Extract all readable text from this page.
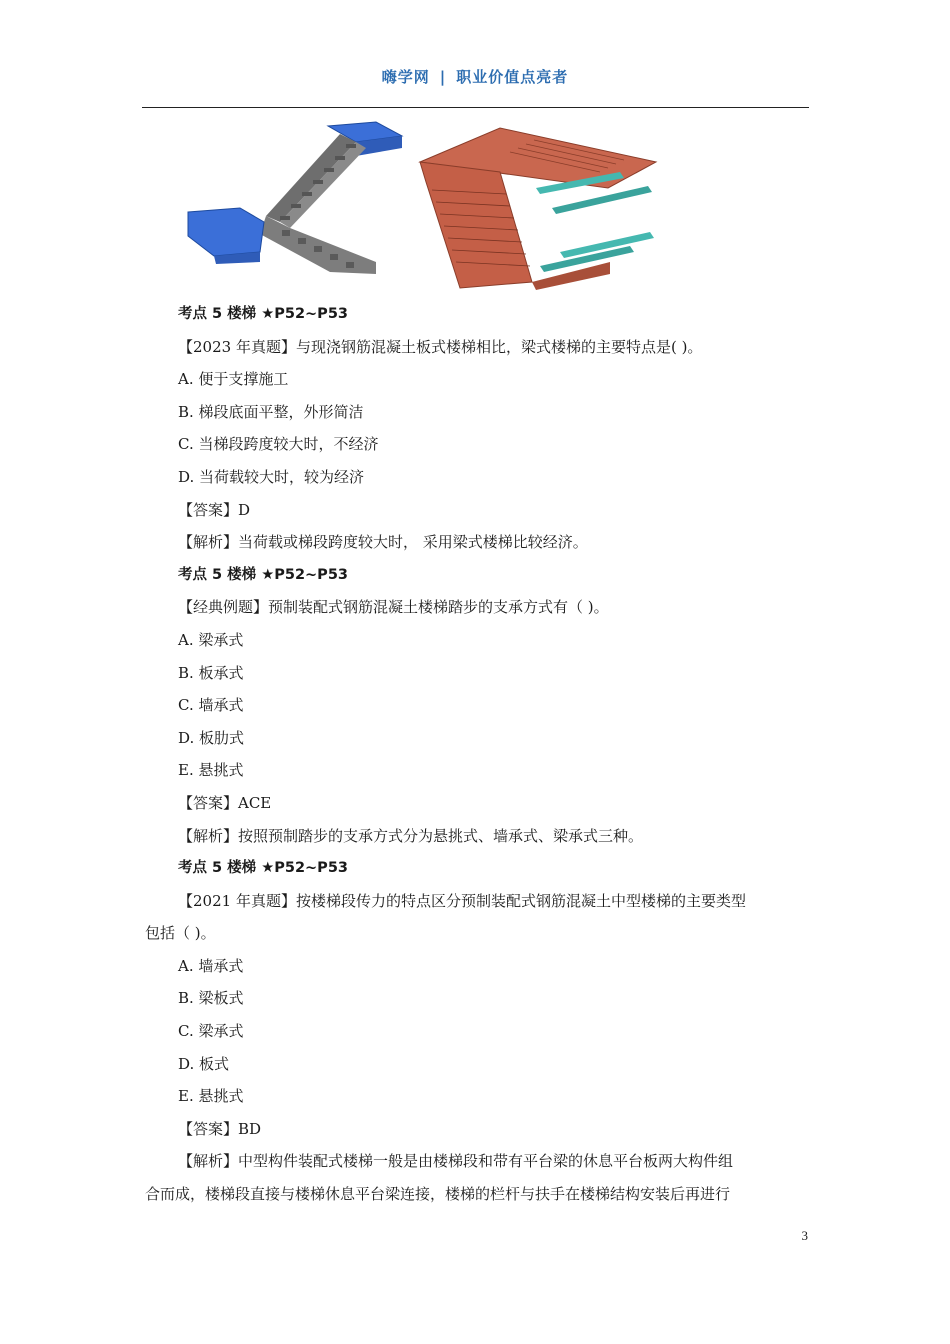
嗨学网 | 职业价值点亮者
考点 5 楼梯 ★P52~P53
【2023 年真题】与现浇钢筋混凝土板式楼梯相比，梁式楼梯的主要特点是( )。
A. 便于支撑施工
B. 梯段底面平整，外形简洁
C. 当梯段跨度较大时，不经济
D. 当荷载较大时，较为经济
【答案】D
【解析】当荷载或梯段跨度较大时， 采用梁式楼梯比较经济。
考点 5 楼梯 ★P52~P53
【经典例题】预制装配式钢筋混凝土楼梯踏步的支承方式有（ )。
A. 梁承式
B. 板承式
C. 墙承式
D. 板肋式
E. 悬挑式
【答案】ACE
【解析】按照预制踏步的支承方式分为悬挑式、墙承式、梁承式三种。
考点 5 楼梯 ★P52~P53
【2021 年真题】按楼梯段传力的特点区分预制装配式钢筋混凝土中型楼梯的主要类型
包括（ )。
A. 墙承式
B. 梁板式
C. 梁承式
D. 板式
E. 悬挑式
【答案】BD
【解析】中型构件装配式楼梯一般是由楼梯段和带有平台梁的休息平台板两大构件组
合而成，楼梯段直接与楼梯休息平台梁连接，楼梯的栏杆与扶手在楼梯结构安装后再进行
3
